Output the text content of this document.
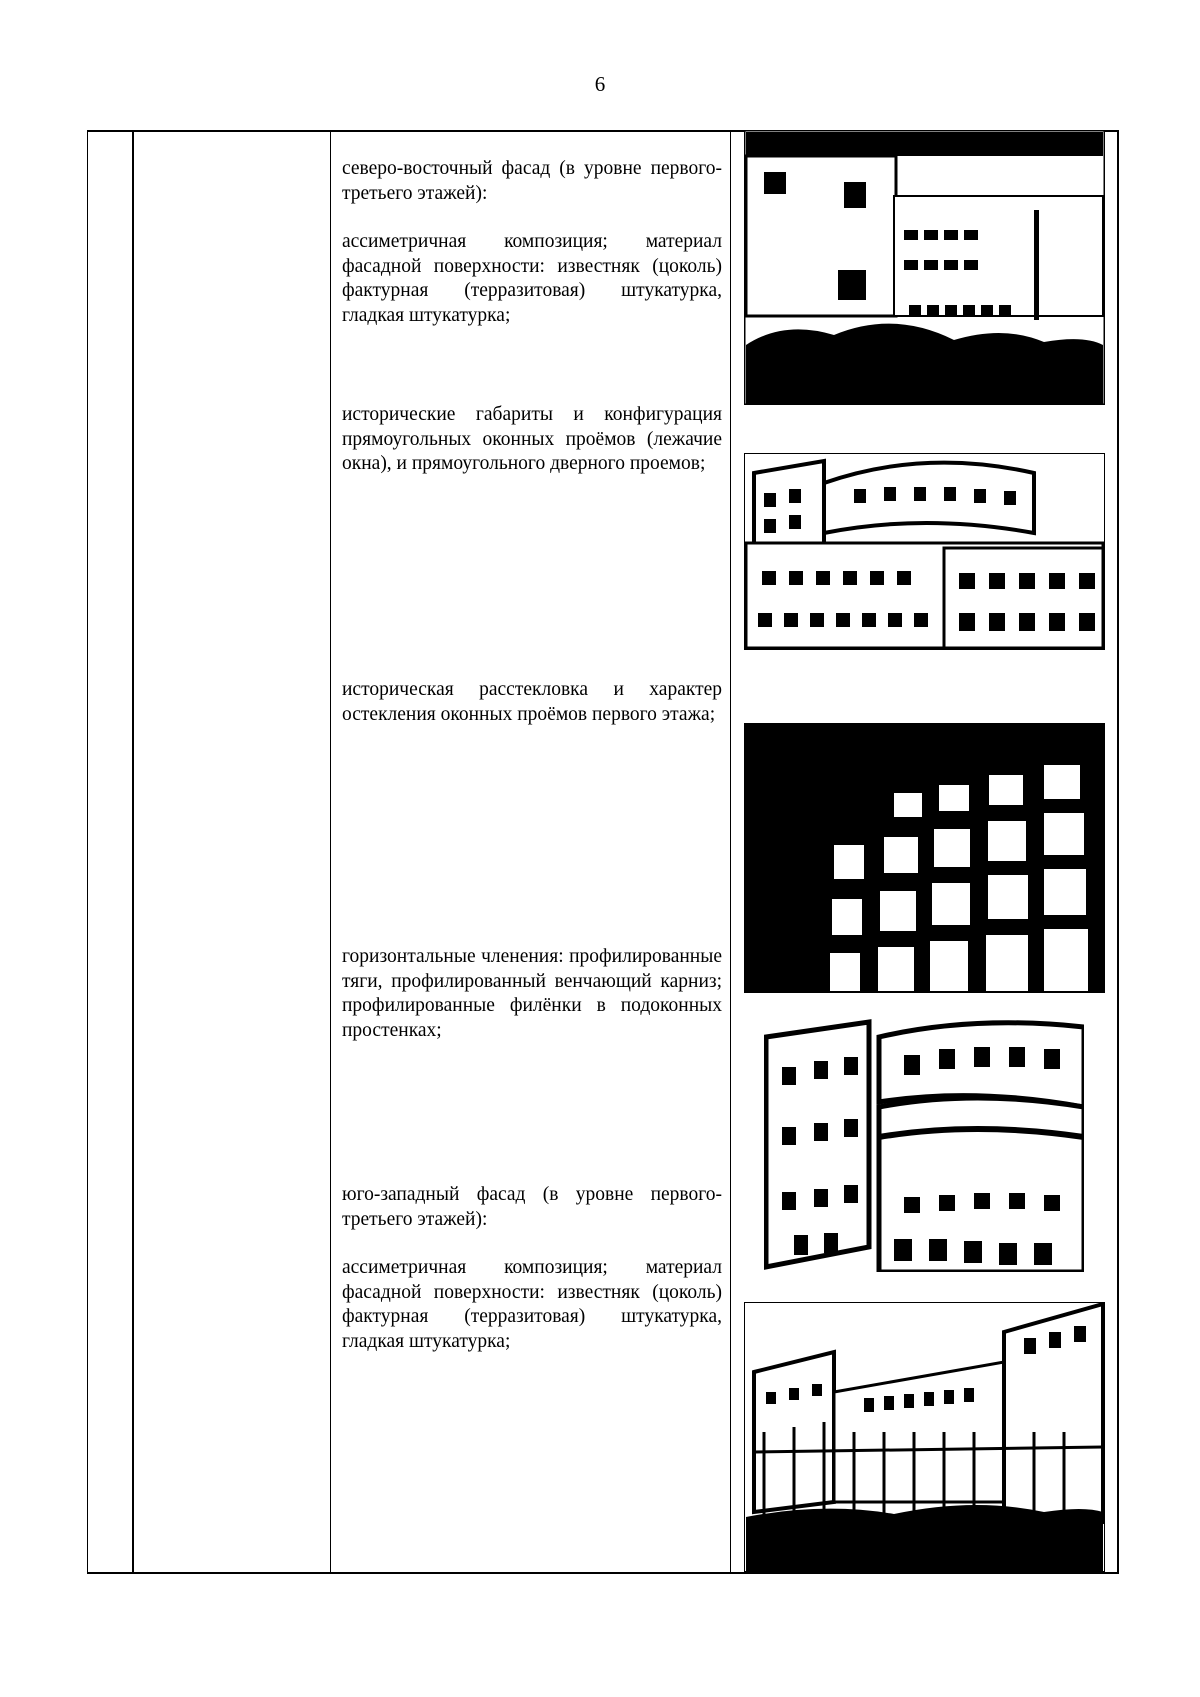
6

северо-восточный фасад (в уровне первого-третьего этажей):

ассиметричная композиция; материал фасадной поверхности: известняк (цоколь) фактурная (терразитовая) штукатурка, гладкая штукатурка;

исторические габариты и конфигурация прямоугольных оконных проёмов (лежачие окна), и прямоугольного дверного проемов;

историческая расстекловка и характер остекления оконных проёмов первого этажа;

горизонтальные членения: профилированные тяги, профилированный венчающий карниз; профилированные филёнки в подоконных простенках;

юго-западный фасад (в уровне первого-третьего этажей):

ассиметричная композиция; материал фасадной поверхности: известняк (цоколь) фактурная (терразитовая) штукатурка, гладкая штукатурка;
